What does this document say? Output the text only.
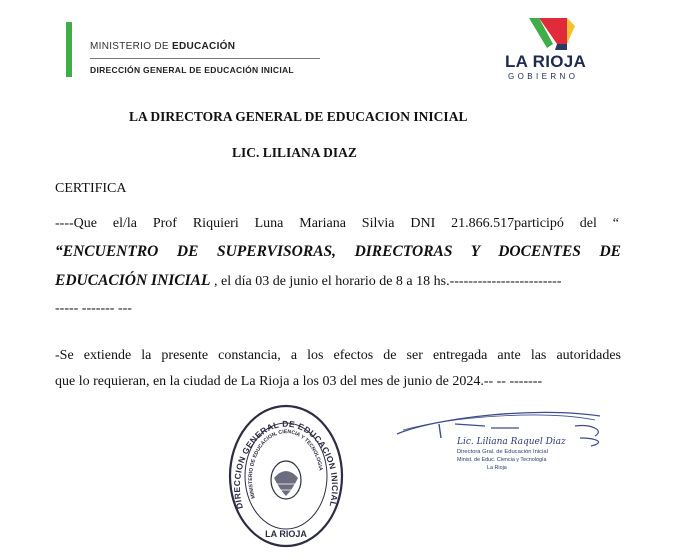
MINISTERIO DE EDUCACIÓN
DIRECCIÓN GENERAL DE EDUCACIÓN INICIAL	LA RIOJA
GOBIERNO
LA DIRECTORA GENERAL DE EDUCACION INICIAL
LIC. LILIANA DIAZ
CERTIFICA
----Que el/la Prof Riquieri Luna Mariana Silvia DNI 21.866.517participó del “
“ENCUENTRO DE SUPERVISORAS, DIRECTORAS Y DOCENTES DE
EDUCACIÓN INICIAL , el día 03 de junio el horario de 8 a 18 hs.------------------------
----- ------- ---
-Se extiende la presente constancia, a los efectos de ser entregada ante las autoridades
que lo requieran, en la ciudad de La Rioja a los 03 del mes de junio de 2024.-- -- -------
DIRECCION GENERAL DE EDUCACION INICIAL
MINISTERIO DE EDUCACION, CIENCIA Y TECNOLOGIA
LA RIOJA
Lic. Liliana Raquel Diaz
Directora Gral. de Educación Inicial
Minist. de Educ. Ciencia y Tecnología
La Rioja
